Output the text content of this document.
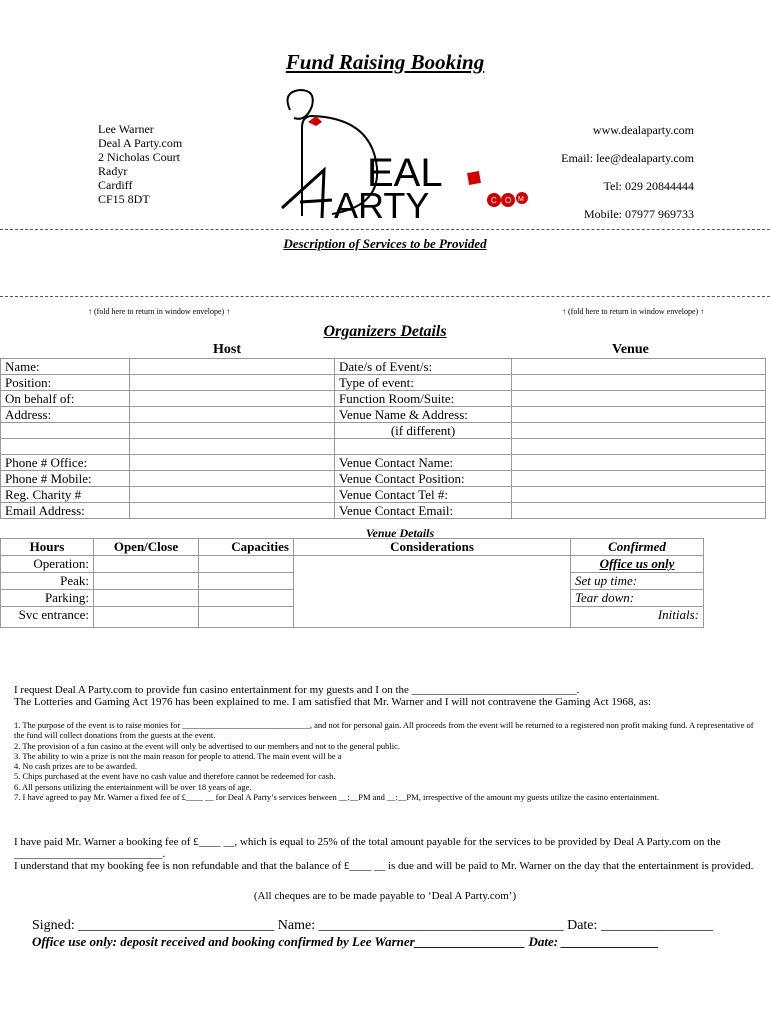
Fund Raising Booking
Lee Warner
Deal A Party.com
2 Nicholas Court
Radyr
Cardiff
CF15 8DT
www.dealaparty.com
Email: lee@dealaparty.com
Tel: 029 20844444
Mobile: 07977 969733
EAL
ARTY	C O M
Description of Services to be Provided
↑ (fold here to return in window envelope) ↑	↑ (fold here to return in window envelope) ↑
Organizers Details
Host	Venue
Name:		Date/s of Event/s:	
Position:		Type of event:	
On behalf of:		Function Room/Suite:	
Address:		Venue Name & Address:	
		(if different)	

Phone # Office:		Venue Contact Name:	
Phone # Mobile:		Venue Contact Position:	
Reg. Charity #		Venue Contact Tel #:	
Email Address:		Venue Contact Email:	
Venue Details
Hours	Open/Close	Capacities	Considerations	Confirmed
Operation:				Office us only
Peak:				Set up time:
Parking:				Tear down:
Svc entrance:				Initials:
I request Deal A Party.com to provide fun casino entertainment for my guests and I on the ______________________________.
The Lotteries and Gaming Act 1976 has been explained to me. I am satisfied that Mr. Warner and I will not contravene the Gaming Act 1968, as:
1. The purpose of the event is to raise monies for ______________________________, and not for personal gain. All proceeds from the event will be returned to a registered non profit making fund. A representative of the fund will collect donations from the guests at the event.
2. The provision of a fun casino at the event will only be advertised to our members and not to the general public.
3. The ability to win a prize is not the main reason for people to attend. The main event will be a
4. No cash prizes are to be awarded.
5. Chips purchased at the event have no cash value and therefore cannot be redeemed for cash.
6. All persons utilizing the entertainment will be over 18 years of age.
7. I have agreed to pay Mr. Warner a fixed fee of £____ __ for Deal A Party’s services between __:__PM and __:__PM, irrespective of the amount my guests utilize the casino entertainment.
I have paid Mr. Warner a booking fee of £____ __, which is equal to 25% of the total amount payable for the services to be provided by Deal A Party.com on the ___________________________.
I understand that my booking fee is non refundable and that the balance of £____ __ is due and will be paid to Mr. Warner on the day that the entertainment is provided.
(All cheques are to be made payable to ‘Deal A Party.com’)
Signed: ____________________________ Name: ___________________________________ Date: ________________
Office use only: deposit received and booking confirmed by Lee Warner_________________ Date: _______________
